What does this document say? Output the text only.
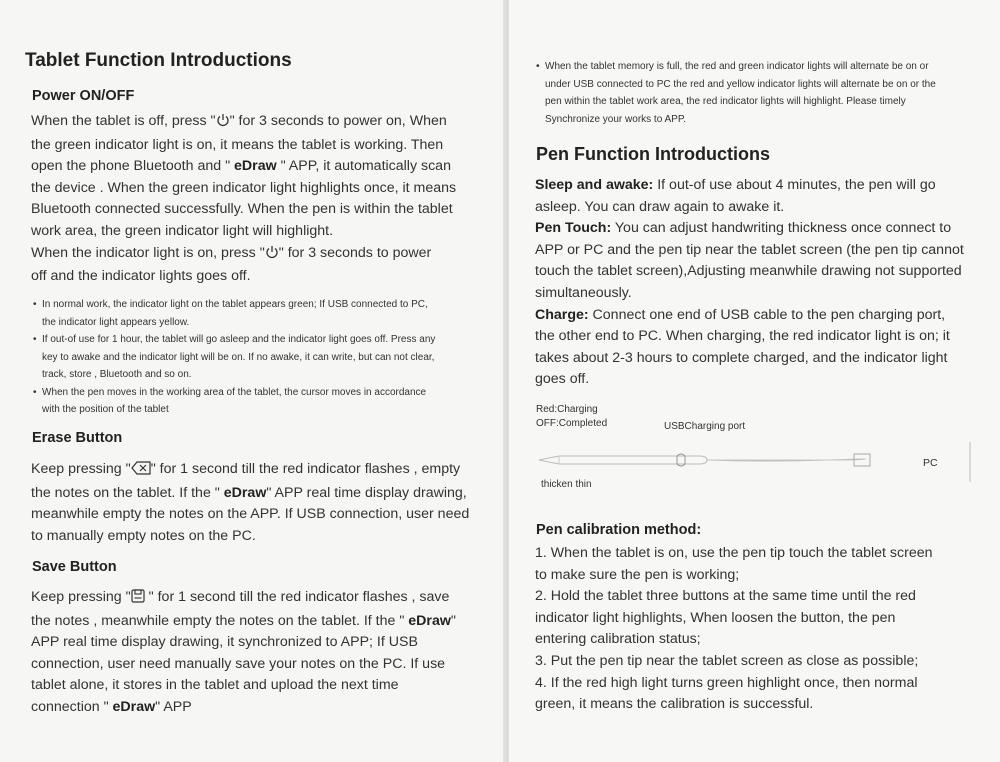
Tablet Function Introductions
Power ON/OFF
When the tablet is off, press " " for 3 seconds to power on, When
the green indicator light is on, it means the tablet is working. Then
open the phone Bluetooth and " eDraw " APP, it automatically scan
the device . When the green indicator light highlights once, it means
Bluetooth connected successfully. When the pen is within the tablet
work area, the green indicator light will highlight.
When the indicator light is on, press " " for 3 seconds to power
off and the indicator lights goes off.
• In normal work, the indicator light on the tablet appears green; If USB connected to PC,
the indicator light appears yellow.
• If out-of use for 1 hour, the tablet will go asleep and the indicator light goes off. Press any
key to awake and the indicator light will be on. If no awake, it can write, but can not clear,
track, store , Bluetooth and so on.
• When the pen moves in the working area of the tablet, the cursor moves in accordance
with the position of the tablet
Erase Button
Keep pressing " " for 1 second till the red indicator flashes , empty
the notes on the tablet. If the " eDraw" APP real time display drawing,
meanwhile empty the notes on the APP. If USB connection, user need
to manually empty notes on the PC.
Save Button
Keep pressing " " for 1 second till the red indicator flashes , save
the notes , meanwhile empty the notes on the tablet. If the " eDraw"
APP real time display drawing, it synchronized to APP; If USB
connection, user need manually save your notes on the PC. If use
tablet alone, it stores in the tablet and upload the next time
connection " eDraw" APP
• When the tablet memory is full, the red and green indicator lights will alternate be on or
under USB connected to PC the red and yellow indicator lights will alternate be on or the
pen within the tablet work area, the red indicator lights will highlight. Please timely
Synchronize your works to APP.
Pen Function Introductions
Sleep and awake: If out-of use about 4 minutes, the pen will go
asleep. You can draw again to awake it.
Pen Touch: You can adjust handwriting thickness once connect to
APP or PC and the pen tip near the tablet screen (the pen tip cannot
touch the tablet screen),Adjusting meanwhile drawing not supported
simultaneously.
Charge: Connect one end of USB cable to the pen charging port,
the other end to PC. When charging, the red indicator light is on; it
takes about 2-3 hours to complete charged, and the indicator light
goes off.
Red:Charging
OFF:Completed	USBCharging port
PC
thicken thin
Pen calibration method:
1. When the tablet is on, use the pen tip touch the tablet screen
to make sure the pen is working;
2. Hold the tablet three buttons at the same time until the red
indicator light highlights, When loosen the button, the pen
entering calibration status;
3. Put the pen tip near the tablet screen as close as possible;
4. If the red high light turns green highlight once, then normal
green, it means the calibration is successful.
